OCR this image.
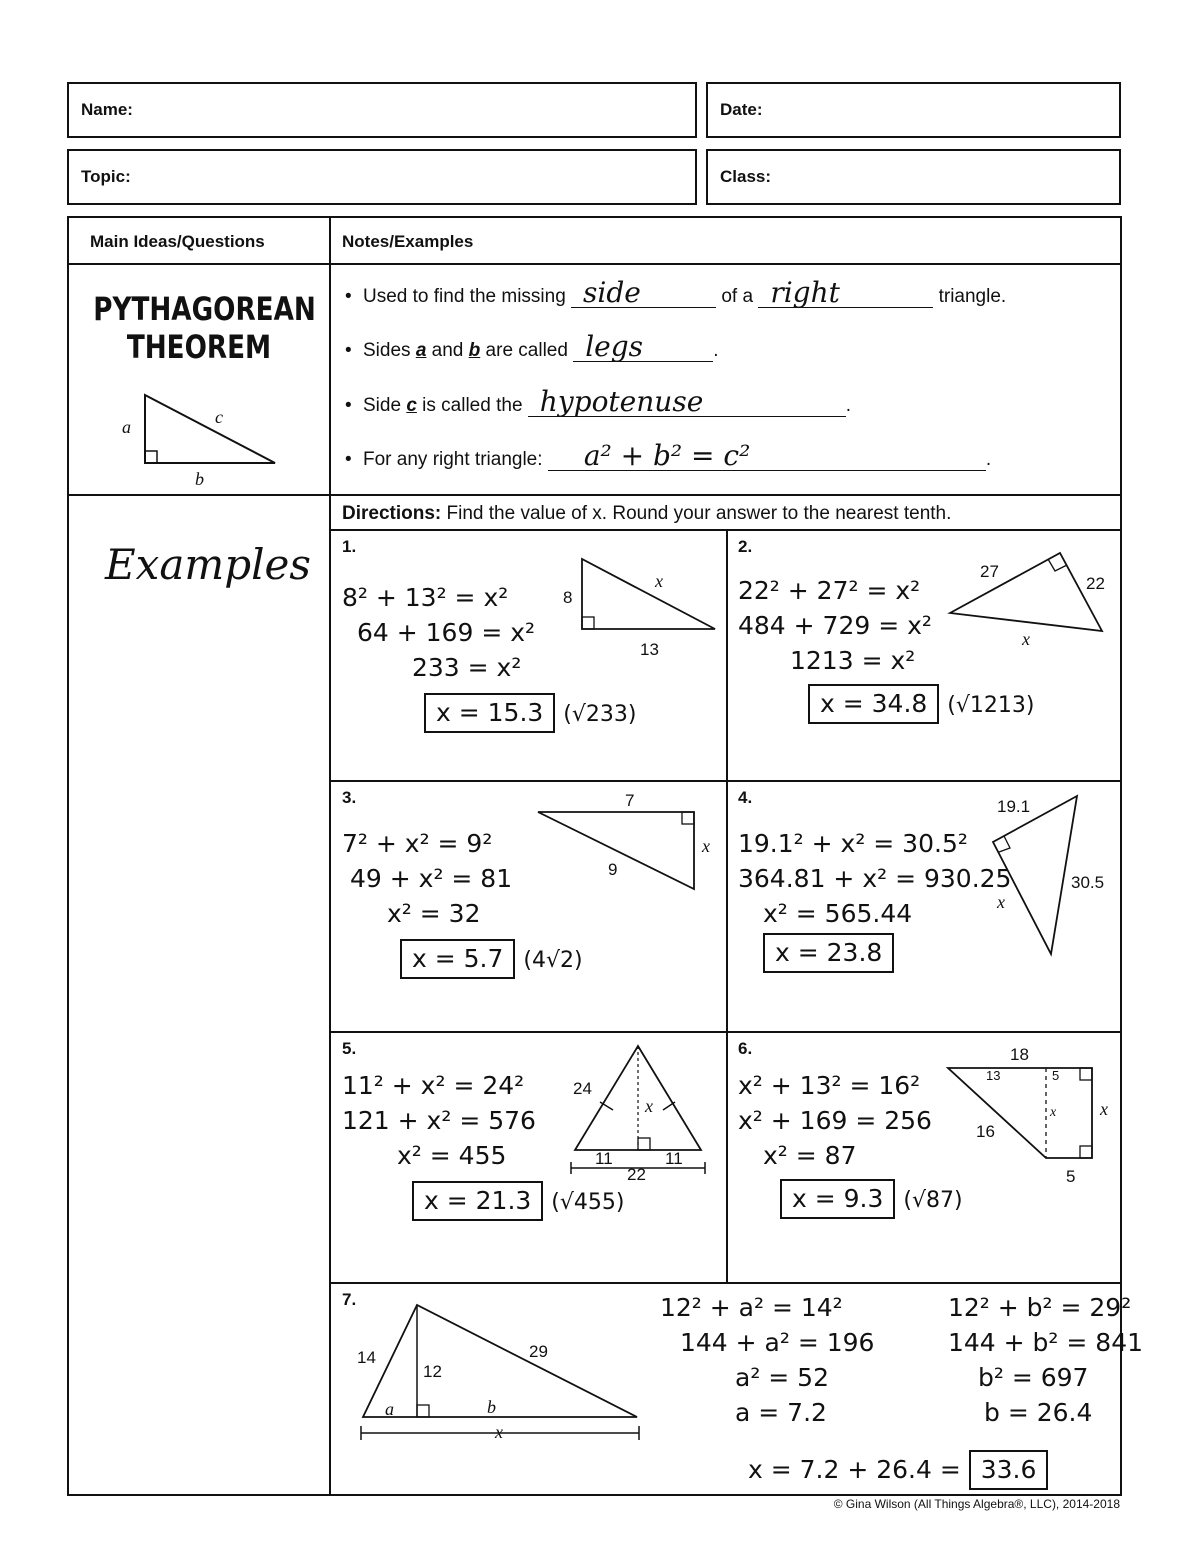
Name:	Date:
Topic:	Class:
Main Ideas/Questions	Notes/Examples
PYTHAGOREAN
THEOREM
a	c
b
• Used to find the missing side	of a right	triangle.
• Sides a and b are called legs	.
• Side c is called the hypotenuse	.
• For any right triangle: a² + b² = c²	.
Examples
Directions: Find the value of x. Round your answer to the nearest tenth.
1.
8² + 13² = x²
64 + 169 = x²
233 = x²
x = 15.3 (√233)
8
13
x
2.
22² + 27² = x²
484 + 729 = x²
1213 = x²
x = 34.8 (√1213)
27
22
x
3.
7² + x² = 9²
49 + x² = 81
x² = 32
x = 5.7 (4√2)
7
9
x
4.
19.1² + x² = 30.5²
364.81 + x² = 930.25
x² = 565.44
x = 23.8
19.1
30.5
x
5.
11² + x² = 24²
121 + x² = 576
x² = 455
x = 21.3 (√455)
24
22
x
11	11
6.
x² + 13² = 16²
x² + 169 = 256
x² = 87
x = 9.3 (√87)
18
16
x
5
13	5
x
7.
14
12
29
a	b
x
12² + a² = 14²
144 + a² = 196
a² = 52
a = 7.2
12² + b² = 29²
144 + b² = 841
b² = 697
b = 26.4
x = 7.2 + 26.4 = 33.6
© Gina Wilson (All Things Algebra®, LLC), 2014-2018
